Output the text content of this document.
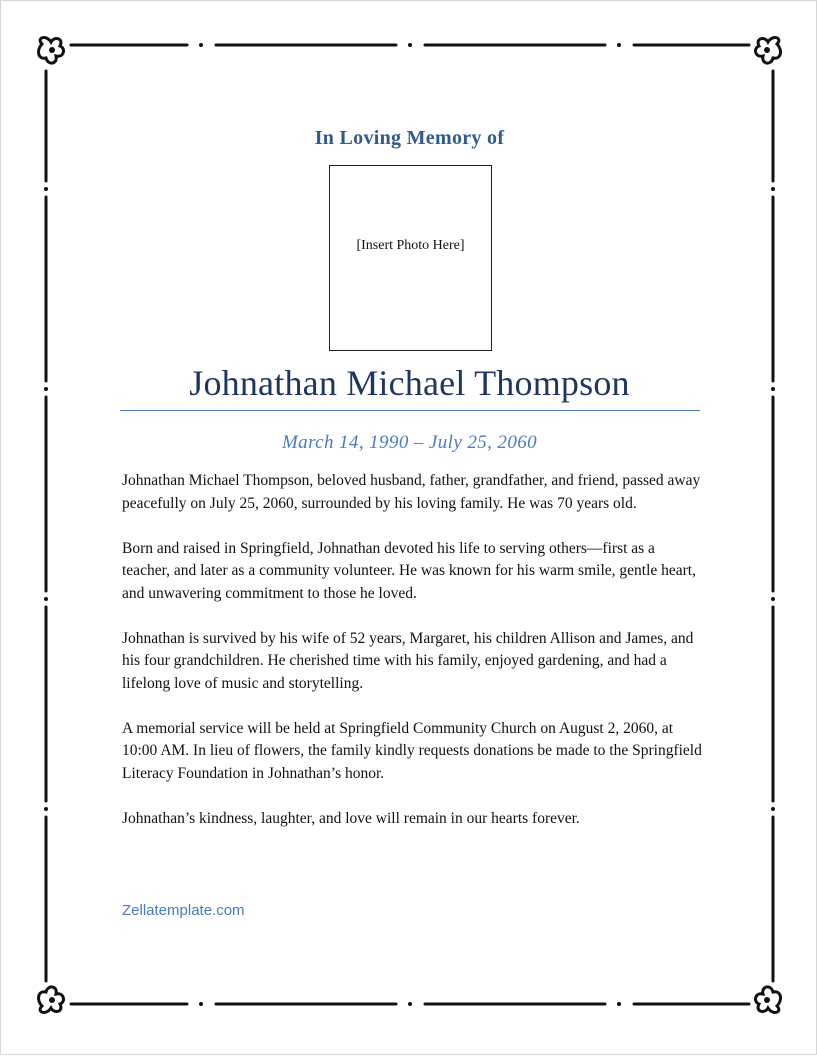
In Loving Memory of
[Insert Photo Here]
Johnathan Michael Thompson
March 14, 1990 – July 25, 2060

Johnathan Michael Thompson, beloved husband, father, grandfather, and friend, passed away peacefully on July 25, 2060, surrounded by his loving family. He was 70 years old.

Born and raised in Springfield, Johnathan devoted his life to serving others—first as a teacher, and later as a community volunteer. He was known for his warm smile, gentle heart, and unwavering commitment to those he loved.

Johnathan is survived by his wife of 52 years, Margaret, his children Allison and James, and his four grandchildren. He cherished time with his family, enjoyed gardening, and had a lifelong love of music and storytelling.

A memorial service will be held at Springfield Community Church on August 2, 2060, at 10:00 AM. In lieu of flowers, the family kindly requests donations be made to the Springfield Literacy Foundation in Johnathan’s honor.

Johnathan’s kindness, laughter, and love will remain in our hearts forever.

Zellatemplate.com
